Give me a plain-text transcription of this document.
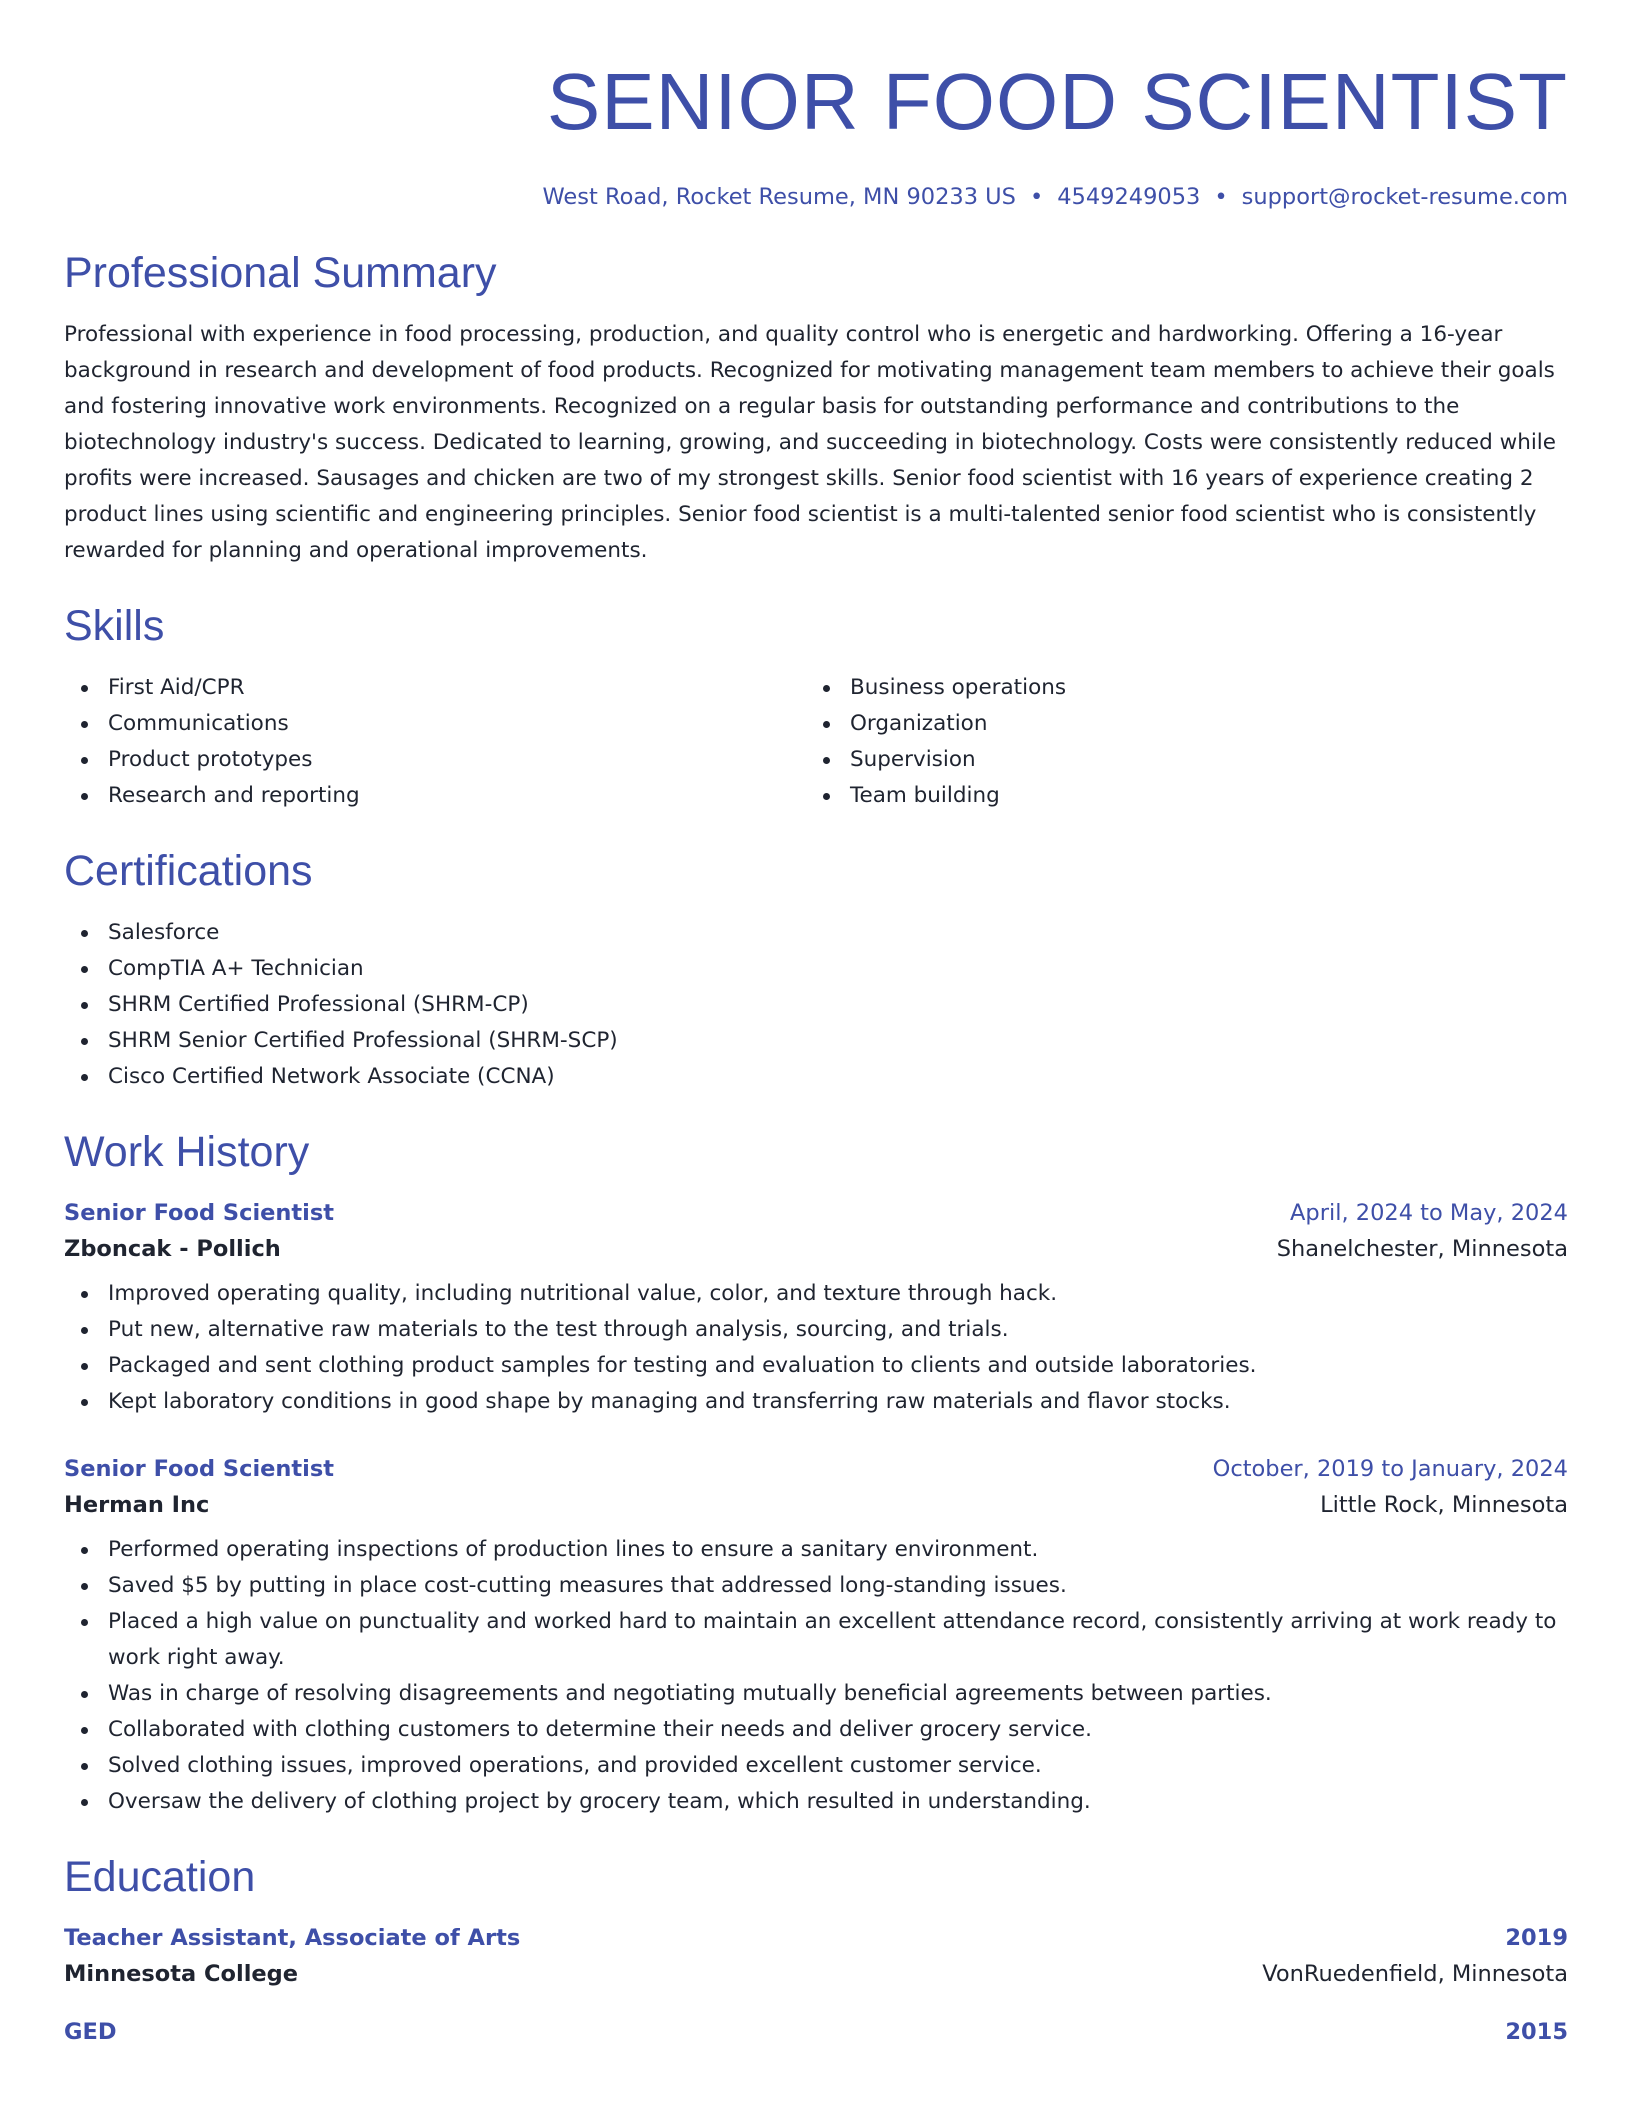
SENIOR FOOD SCIENTIST
West Road, Rocket Resume, MN 90233 US • 4549249053 • support@rocket-resume.com
Professional Summary

Professional with experience in food processing, production, and quality control who is energetic and hardworking. Offering a 16-year background in research and development of food products. Recognized for motivating management team members to achieve their goals and fostering innovative work environments. Recognized on a regular basis for outstanding performance and contributions to the biotechnology industry's success. Dedicated to learning, growing, and succeeding in biotechnology. Costs were consistently reduced while profits were increased. Sausages and chicken are two of my strongest skills. Senior food scientist with 16 years of experience creating 2 product lines using scientific and engineering principles. Senior food scientist is a multi-talented senior food scientist who is consistently rewarded for planning and operational improvements.

Skills
First Aid/CPR
Communications
Product prototypes
Research and reporting
Business operations
Organization
Supervision
Team building
Certifications
Salesforce
CompTIA A+ Technician
SHRM Certified Professional (SHRM-CP)
SHRM Senior Certified Professional (SHRM-SCP)
Cisco Certified Network Associate (CCNA)
Work History
Senior Food Scientist	April, 2024 to May, 2024
Zboncak - Pollich	Shanelchester, Minnesota
Improved operating quality, including nutritional value, color, and texture through hack.
Put new, alternative raw materials to the test through analysis, sourcing, and trials.
Packaged and sent clothing product samples for testing and evaluation to clients and outside laboratories.
Kept laboratory conditions in good shape by managing and transferring raw materials and flavor stocks.
Senior Food Scientist	October, 2019 to January, 2024
Herman Inc	Little Rock, Minnesota
Performed operating inspections of production lines to ensure a sanitary environment.
Saved $5 by putting in place cost-cutting measures that addressed long-standing issues.
Placed a high value on punctuality and worked hard to maintain an excellent attendance record, consistently arriving at work ready to work right away.
Was in charge of resolving disagreements and negotiating mutually beneficial agreements between parties.
Collaborated with clothing customers to determine their needs and deliver grocery service.
Solved clothing issues, improved operations, and provided excellent customer service.
Oversaw the delivery of clothing project by grocery team, which resulted in understanding.
Education
Teacher Assistant, Associate of Arts	2019
Minnesota College	VonRuedenfield, Minnesota
GED	2015
